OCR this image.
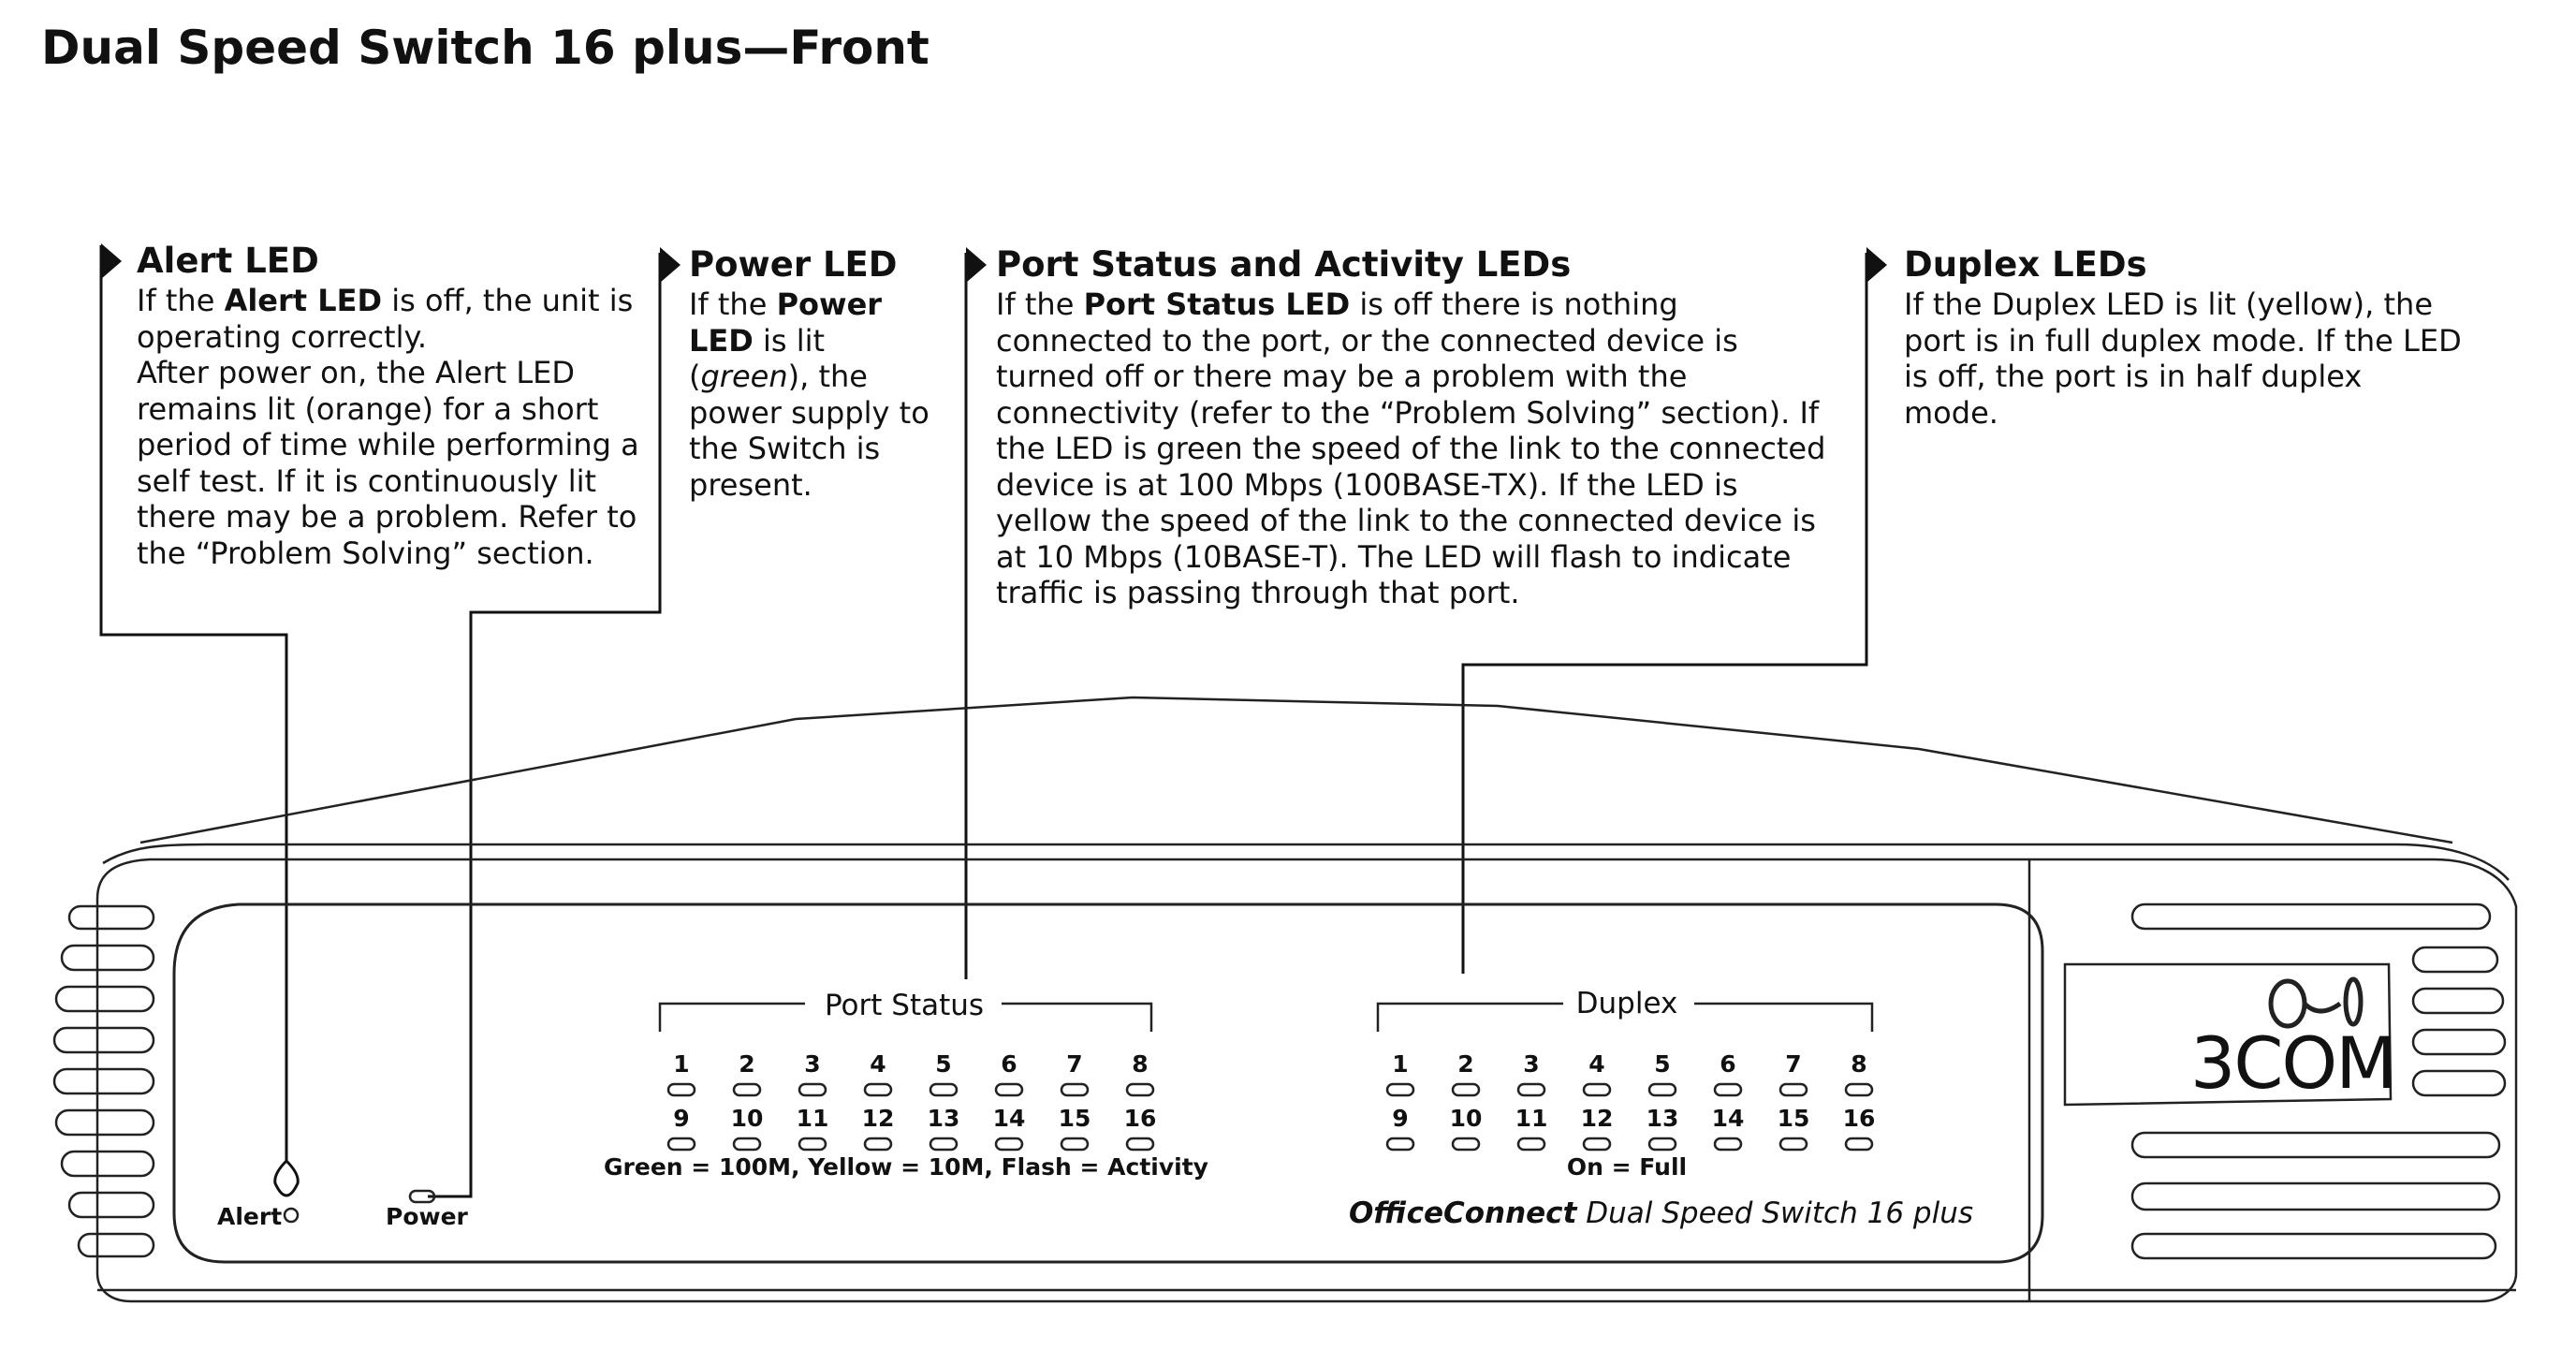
Dual Speed Switch 16 plus—Front
Alert LED

If the Alert LED is off, the unit is operating correctly.

After power on, the Alert LED remains lit (orange) for a short period of time while performing a self test. If it is continuously lit there may be a problem. Refer to the “Problem Solving” section.

Power LED

If the Power LED is lit (green), the power supply to the Switch is present.

Port Status and Activity LEDs

If the Port Status LED is off there is nothing connected to the port, or the connected device is turned off or there may be a problem with the connectivity (refer to the “Problem Solving” section). If the LED is green the speed of the link to the connected device is at 100 Mbps (100BASE-TX). If the LED is yellow the speed of the link to the connected device is at 10 Mbps (10BASE-T). The LED will flash to indicate traffic is passing through that port.

Duplex LEDs

If the Duplex LED is lit (yellow), the port is in full duplex mode. If the LED is off, the port is in half duplex mode.

3COM
Port Status	Duplex
1 2 3 4 5 6 7 8
9 10 11 12 13 14 15 16
1 2 3 4 5 6 7 8
9 10 11 12 13 14 15 16
Green = 100M, Yellow = 10M, Flash = Activity	On = Full
Alert	Power	OfficeConnect Dual Speed Switch 16 plus
